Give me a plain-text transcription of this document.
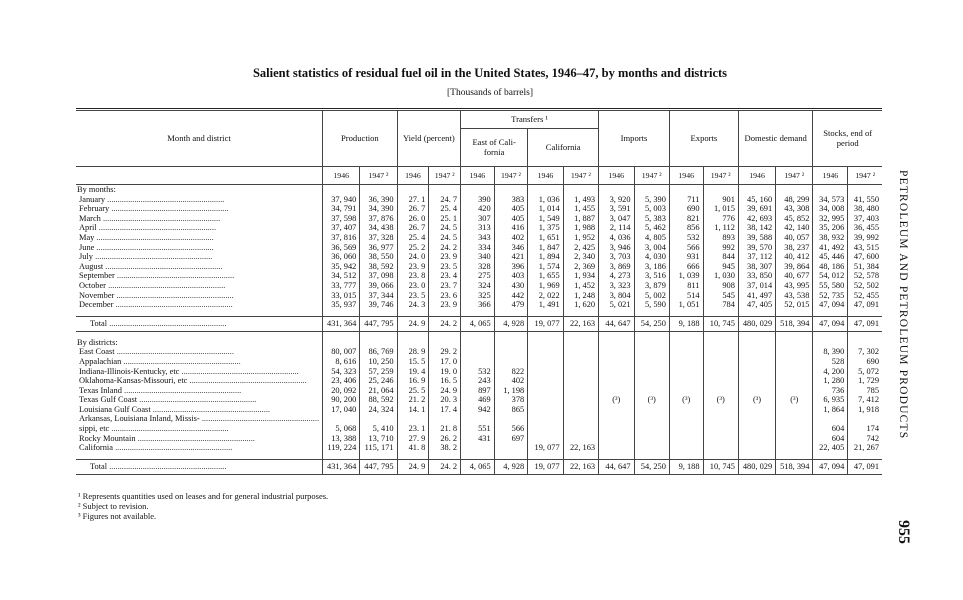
Salient statistics of residual fuel oil in the United States, 1946–47, by months and districts
[Thousands of barrels]
Month and district	Production		Yield (percent)		Transfers ¹				Imports		Exports		Domestic demand		Stocks, end of period	
					East of Cali- fornia		California									

	1946	1947 ²	1946	1947 ²	1946	1947 ²	1946	1947 ²	1946	1947 ²	1946	1947 ²	1946	1947 ²	1946	1947 ²
By months:																
January .....	37, 940	36, 390	27. 1	24. 7	390	383	1, 036	1, 493	3, 920	5, 390	711	901	45, 160	48, 299	34, 573	41, 550
February .....	34, 791	34, 390	26. 7	25. 4	420	405	1, 014	1, 455	3, 591	5, 003	690	1, 015	39, 691	43, 308	34, 008	38, 480
March .....	37, 598	37, 876	26. 0	25. 1	307	405	1, 549	1, 887	3, 047	5, 383	821	776	42, 693	45, 852	32, 995	37, 403
April .....	37, 407	34, 438	26. 7	24. 5	313	416	1, 375	1, 988	2, 114	5, 462	856	1, 112	38, 142	42, 140	35, 206	36, 455
May .....	37, 816	37, 328	25. 4	24. 5	343	402	1, 651	1, 952	4, 036	4, 805	532	893	39, 588	40, 057	38, 932	39, 992
June .....	36, 569	36, 977	25. 2	24. 2	334	346	1, 847	2, 425	3, 946	3, 004	566	992	39, 570	38, 237	41, 492	43, 515
July .....	36, 060	38, 550	24. 0	23. 9	340	421	1, 894	2, 340	3, 703	4, 030	931	844	37, 112	40, 412	45, 446	47, 600
August .....	35, 942	38, 592	23. 9	23. 5	328	396	1, 574	2, 369	3, 869	3, 186	666	945	38, 307	39, 864	48, 186	51, 384
September .....	34, 512	37, 098	23. 8	23. 4	275	403	1, 655	1, 934	4, 273	3, 516	1, 039	1, 030	33, 850	40, 677	54, 012	52, 578
October .....	33, 777	39, 066	23. 0	23. 7	324	430	1, 969	1, 452	3, 323	3, 879	811	908	37, 014	43, 995	55, 580	52, 502
November .....	33, 015	37, 344	23. 5	23. 6	325	442	2, 022	1, 248	3, 804	5, 002	514	545	41, 497	43, 538	52, 735	52, 455
December .....	35, 937	39, 746	24. 3	23. 9	366	479	1, 491	1, 620	5, 021	5, 590	1, 051	784	47, 405	52, 015	47, 094	47, 091

Total .....	431, 364	447, 795	24. 9	24. 2	4, 065	4, 928	19, 077	22, 163	44, 647	54, 250	9, 188	10, 745	480, 029	518, 394	47, 094	47, 091

By districts:																
East Coast .....	80, 007	86, 769	28. 9	29. 2					(³)	(³)	(³)	(³)	(³)	(³)	8, 390	7, 302
Appalachian .....	8, 616	10, 250	15. 5	17. 0											528	690
Indiana-Illinois-Kentucky, etc .....	54, 323	57, 259	19. 4	19. 0	532	822									4, 200	5, 072
Oklahoma-Kansas-Missouri, etc .....	23, 406	25, 246	16. 9	16. 5	243	402									1, 280	1, 729
Texas Inland .....	20, 092	21, 064	25. 5	24. 9	897	1, 198									736	785
Texas Gulf Coast .....	90, 200	88, 592	21. 2	20. 3	469	378									6, 935	7, 412
Louisiana Gulf Coast .....	17, 040	24, 324	14. 1	17. 4	942	865									1, 864	1, 918
Arkansas, Louisiana Inland, Missis- .....										
sippi, etc .....	5, 068	5, 410	23. 1	21. 8	551	566									604	174
Rocky Mountain .....	13, 388	13, 710	27. 9	26. 2	431	697									604	742
California .....	119, 224	115, 171	41. 8	38. 2			19, 077	22, 163							22, 405	21, 267

Total .....	431, 364	447, 795	24. 9	24. 2	4, 065	4, 928	19, 077	22, 163	44, 647	54, 250	9, 188	10, 745	480, 029	518, 394	47, 094	47, 091

¹ Represents quantities used on leases and for general industrial purposes.
² Subject to revision.
³ Figures not available.
PETROLEUM AND PETROLEUM PRODUCTS
955
